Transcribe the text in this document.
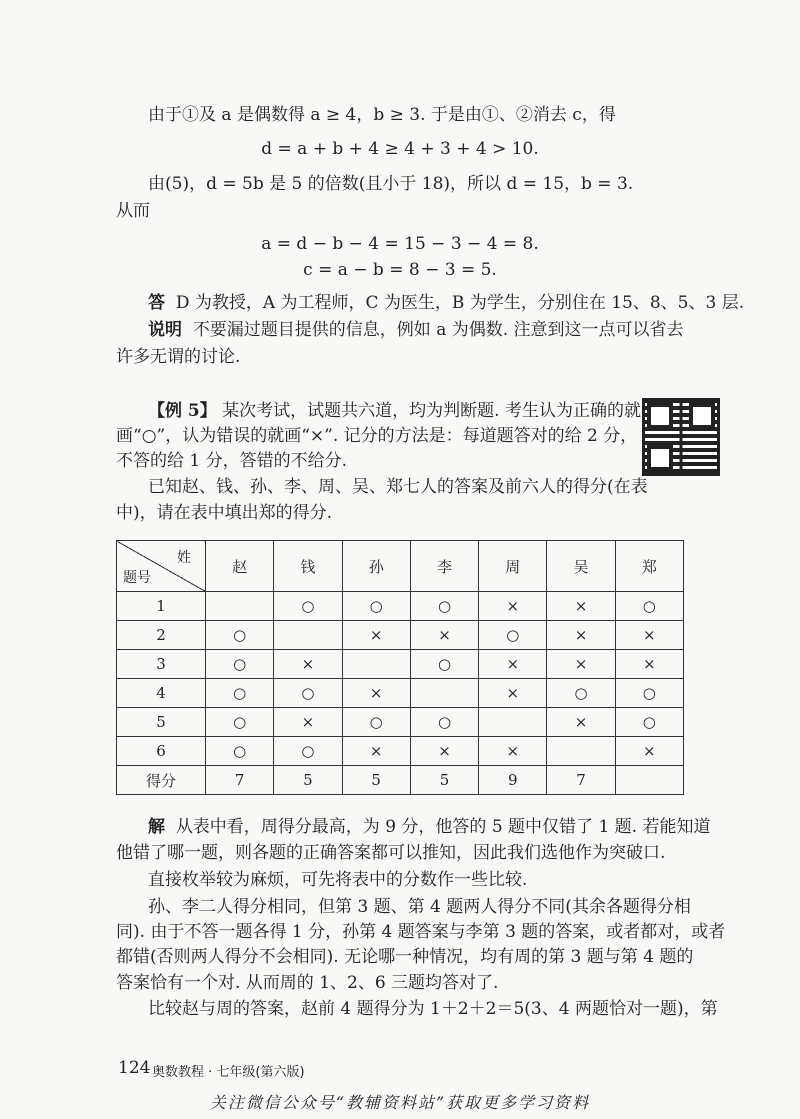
由于①及 a 是偶数得 a ≥ 4，b ≥ 3. 于是由①、②消去 c，得
d = a + b + 4 ≥ 4 + 3 + 4 > 10.
由(5)，d = 5b 是 5 的倍数(且小于 18)，所以 d = 15，b = 3.
从而
a = d − b − 4 = 15 − 3 − 4 = 8.
c = a − b = 8 − 3 = 5.
答 D 为教授，A 为工程师，C 为医生，B 为学生，分别住在 15、8、5、3 层.
说明 不要漏过题目提供的信息，例如 a 为偶数. 注意到这一点可以省去
许多无谓的讨论.
【例 5】 某次考试，试题共六道，均为判断题. 考生认为正确的就
画“○”，认为错误的就画“×”. 记分的方法是：每道题答对的给 2 分，
不答的给 1 分，答错的不给分.
已知赵、钱、孙、李、周、吴、郑七人的答案及前六人的得分(在表
中)，请在表中填出郑的得分.
姓
题号	赵	钱	孙	李	周	吴	郑
1		○	○	○	×	×	○
2	○		×	×	○	×	×
3	○	×		○	×	×	×
4	○	○	×		×	○	○
5	○	×	○	○		×	○
6	○	○	×	×	×		×
得分	7	5	5	5	9	7	
解 从表中看，周得分最高，为 9 分，他答的 5 题中仅错了 1 题. 若能知道
他错了哪一题，则各题的正确答案都可以推知，因此我们选他作为突破口.
直接枚举较为麻烦，可先将表中的分数作一些比较.
孙、李二人得分相同，但第 3 题、第 4 题两人得分不同(其余各题得分相
同). 由于不答一题各得 1 分，孙第 4 题答案与李第 3 题的答案，或者都对，或者
都错(否则两人得分不会相同). 无论哪一种情况，均有周的第 3 题与第 4 题的
答案恰有一个对. 从而周的 1、2、6 三题均答对了.
比较赵与周的答案，赵前 4 题得分为 1＋2＋2＝5(3、4 两题恰对一题)，第
124 奥数教程 · 七年级(第六版)
关注微信公众号“教辅资料站”获取更多学习资料
